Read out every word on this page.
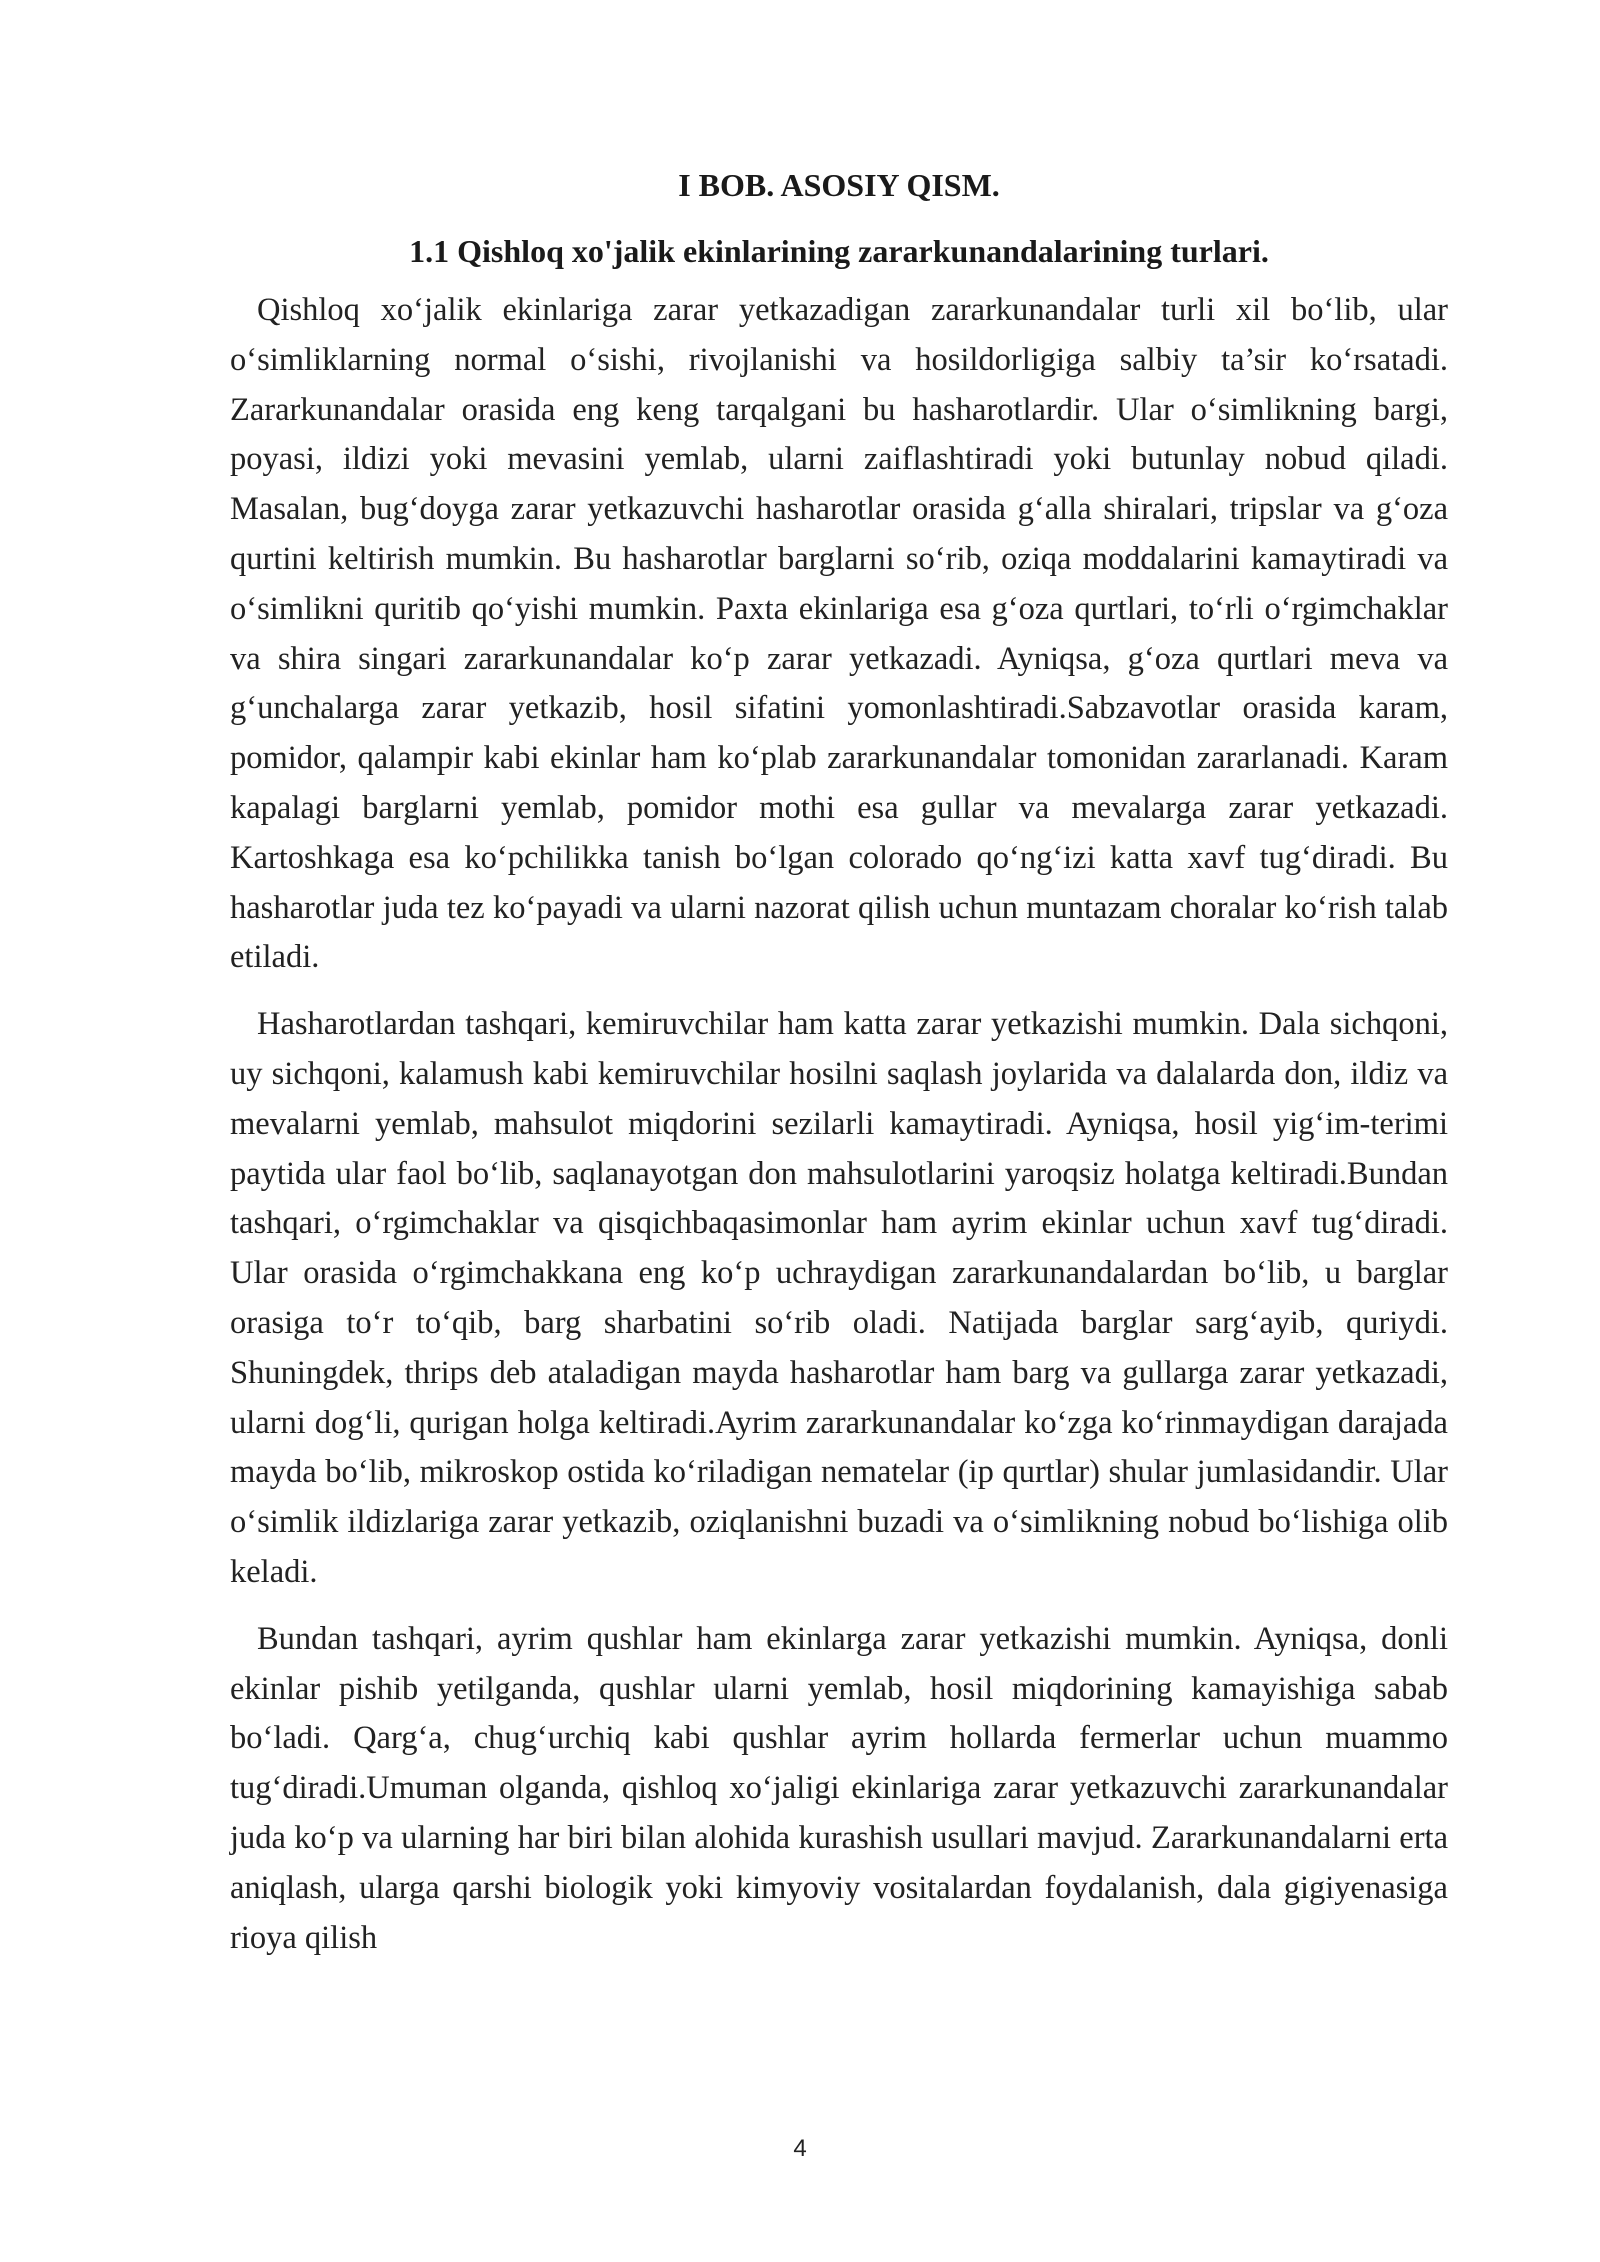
I BOB. ASOSIY QISM.
1.1 Qishloq xo'jalik ekinlarining zararkunandalarining turlari.

Qishloq xo‘jalik ekinlariga zarar yetkazadigan zararkunandalar turli xil bo‘lib, ular o‘simliklarning normal o‘sishi, rivojlanishi va hosildorligiga salbiy ta’sir ko‘rsatadi. Zararkunandalar orasida eng keng tarqalgani bu hasharotlardir. Ular o‘simlikning bargi, poyasi, ildizi yoki mevasini yemlab, ularni zaiflashtiradi yoki butunlay nobud qiladi. Masalan, bug‘doyga zarar yetkazuvchi hasharotlar orasida g‘alla shiralari, tripslar va g‘oza qurtini keltirish mumkin. Bu hasharotlar barglarni so‘rib, oziqa moddalarini kamaytiradi va o‘simlikni quritib qo‘yishi mumkin. Paxta ekinlariga esa g‘oza qurtlari, to‘rli o‘rgimchaklar va shira singari zararkunandalar ko‘p zarar yetkazadi. Ayniqsa, g‘oza qurtlari meva va g‘unchalarga zarar yetkazib, hosil sifatini yomonlashtiradi.Sabzavotlar orasida karam, pomidor, qalampir kabi ekinlar ham ko‘plab zararkunandalar tomonidan zararlanadi. Karam kapalagi barglarni yemlab, pomidor mothi esa gullar va mevalarga zarar yetkazadi. Kartoshkaga esa ko‘pchilikka tanish bo‘lgan colorado qo‘ng‘izi katta xavf tug‘diradi. Bu hasharotlar juda tez ko‘payadi va ularni nazorat qilish uchun muntazam choralar ko‘rish talab etiladi.

Hasharotlardan tashqari, kemiruvchilar ham katta zarar yetkazishi mumkin. Dala sichqoni, uy sichqoni, kalamush kabi kemiruvchilar hosilni saqlash joylarida va dalalarda don, ildiz va mevalarni yemlab, mahsulot miqdorini sezilarli kamaytiradi. Ayniqsa, hosil yig‘im-terimi paytida ular faol bo‘lib, saqlanayotgan don mahsulotlarini yaroqsiz holatga keltiradi.Bundan tashqari, o‘rgimchaklar va qisqichbaqasimonlar ham ayrim ekinlar uchun xavf tug‘diradi. Ular orasida o‘rgimchakkana eng ko‘p uchraydigan zararkunandalardan bo‘lib, u barglar orasiga to‘r to‘qib, barg sharbatini so‘rib oladi. Natijada barglar sarg‘ayib, quriydi. Shuningdek, thrips deb ataladigan mayda hasharotlar ham barg va gullarga zarar yetkazadi, ularni dog‘li, qurigan holga keltiradi.Ayrim zararkunandalar ko‘zga ko‘rinmaydigan darajada mayda bo‘lib, mikroskop ostida ko‘riladigan nematelar (ip qurtlar) shular jumlasidandir. Ular o‘simlik ildizlariga zarar yetkazib, oziqlanishni buzadi va o‘simlikning nobud bo‘lishiga olib keladi.

Bundan tashqari, ayrim qushlar ham ekinlarga zarar yetkazishi mumkin. Ayniqsa, donli ekinlar pishib yetilganda, qushlar ularni yemlab, hosil miqdorining kamayishiga sabab bo‘ladi. Qarg‘a, chug‘urchiq kabi qushlar ayrim hollarda fermerlar uchun muammo tug‘diradi.Umuman olganda, qishloq xo‘jaligi ekinlariga zarar yetkazuvchi zararkunandalar juda ko‘p va ularning har biri bilan alohida kurashish usullari mavjud. Zararkunandalarni erta aniqlash, ularga qarshi biologik yoki kimyoviy vositalardan foydalanish, dala gigiyenasiga rioya qilish

4
